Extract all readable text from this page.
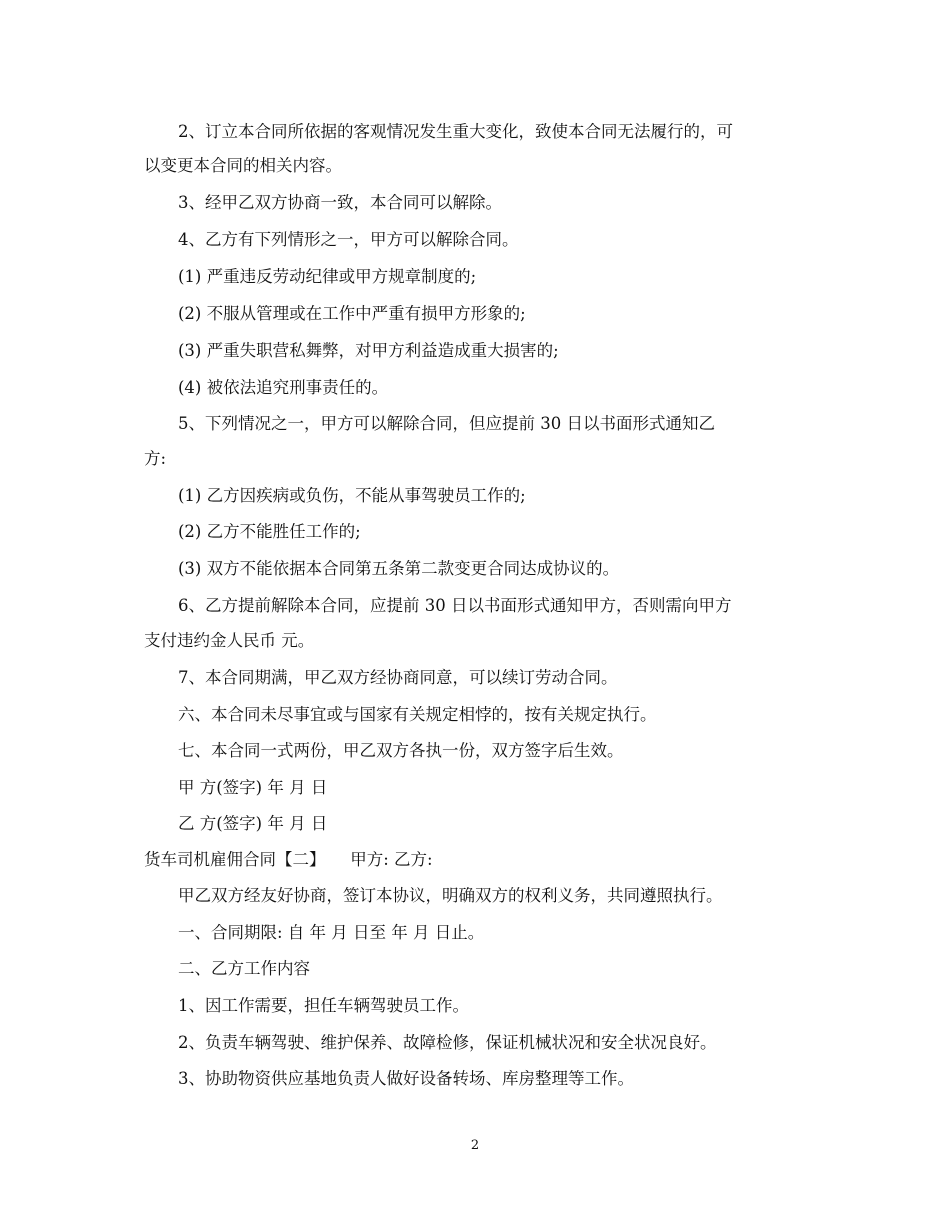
2、订立本合同所依据的客观情况发生重大变化，致使本合同无法履行的，可
以变更本合同的相关内容。
3、经甲乙双方协商一致，本合同可以解除。
4、乙方有下列情形之一，甲方可以解除合同。
(1) 严重违反劳动纪律或甲方规章制度的;
(2) 不服从管理或在工作中严重有损甲方形象的;
(3) 严重失职营私舞弊，对甲方利益造成重大损害的;
(4) 被依法追究刑事责任的。
5、下列情况之一，甲方可以解除合同，但应提前 30 日以书面形式通知乙
方:
(1) 乙方因疾病或负伤，不能从事驾驶员工作的;
(2) 乙方不能胜任工作的;
(3) 双方不能依据本合同第五条第二款变更合同达成协议的。
6、乙方提前解除本合同，应提前 30 日以书面形式通知甲方，否则需向甲方
支付违约金人民币 元。
7、本合同期满，甲乙双方经协商同意，可以续订劳动合同。
六、本合同未尽事宜或与国家有关规定相悖的，按有关规定执行。
七、本合同一式两份，甲乙双方各执一份，双方签字后生效。
甲 方(签字) 年 月 日
乙 方(签字) 年 月 日
货车司机雇佣合同【二】　　甲方: 乙方:
甲乙双方经友好协商，签订本协议，明确双方的权利义务，共同遵照执行。
一、合同期限: 自 年 月 日至 年 月 日止。
二、乙方工作内容
1、因工作需要，担任车辆驾驶员工作。
2、负责车辆驾驶、维护保养、故障检修，保证机械状况和安全状况良好。
3、协助物资供应基地负责人做好设备转场、库房整理等工作。
2
